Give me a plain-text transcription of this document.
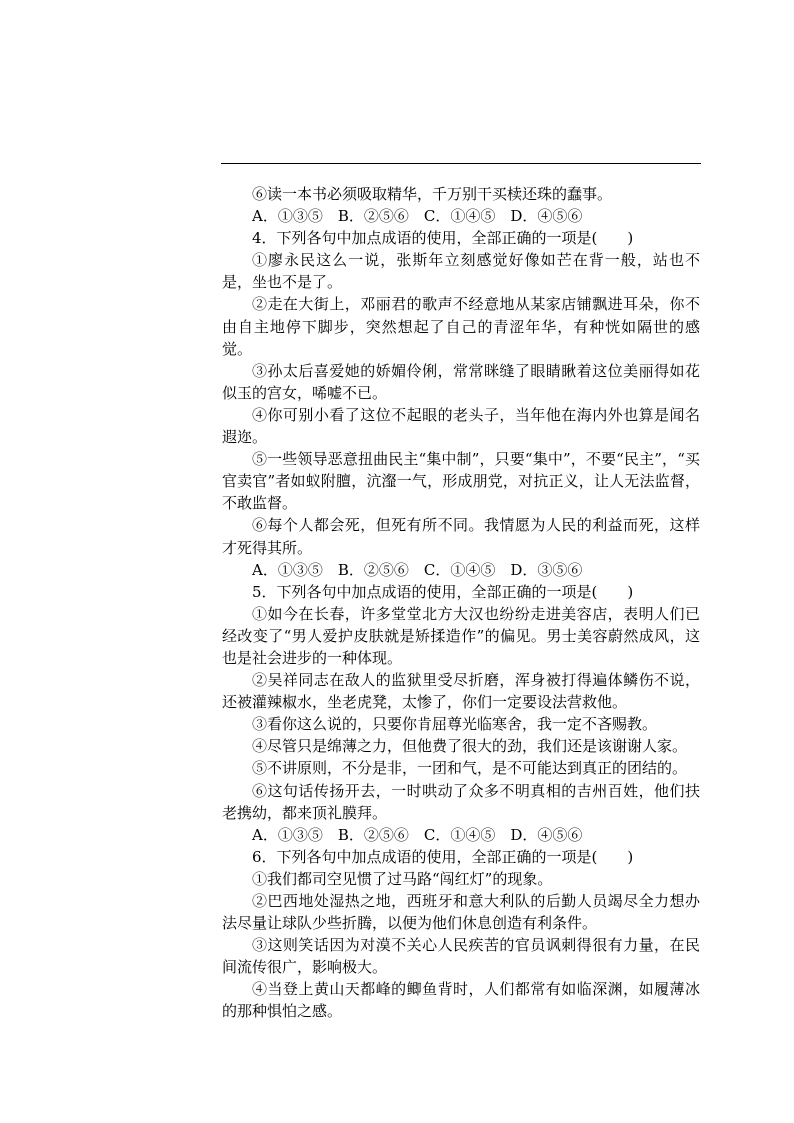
⑥读一本书必须吸取精华，千万别干买椟还珠的蠢事。

A．①③⑤　B．②⑤⑥　C．①④⑤　D．④⑤⑥

4．下列各句中加点成语的使用，全部正确的一项是(　　)

①廖永民这么一说，张斯年立刻感觉好像如芒在背一般，站也不是，坐也不是了。

②走在大街上，邓丽君的歌声不经意地从某家店铺飘进耳朵，你不由自主地停下脚步，突然想起了自己的青涩年华，有种恍如隔世的感觉。

③孙太后喜爱她的娇媚伶俐，常常眯缝了眼睛瞅着这位美丽得如花似玉的宫女，唏嘘不已。

④你可别小看了这位不起眼的老头子，当年他在海内外也算是闻名遐迩。

⑤一些领导恶意扭曲民主“集中制”，只要“集中”，不要“民主”，“买官卖官”者如蚁附膻，沆瀣一气，形成朋党，对抗正义，让人无法监督，不敢监督。

⑥每个人都会死，但死有所不同。我情愿为人民的利益而死，这样才死得其所。

A．①③⑤　B．②⑤⑥　C．①④⑤　D．③⑤⑥

5．下列各句中加点成语的使用，全部正确的一项是(　　)

①如今在长春，许多堂堂北方大汉也纷纷走进美容店，表明人们已经改变了“男人爱护皮肤就是矫揉造作”的偏见。男士美容蔚然成风，这也是社会进步的一种体现。

②吴祥同志在敌人的监狱里受尽折磨，浑身被打得遍体鳞伤不说，还被灌辣椒水，坐老虎凳，太惨了，你们一定要设法营救他。

③看你这么说的，只要你肯屈尊光临寒舍，我一定不吝赐教。

④尽管只是绵薄之力，但他费了很大的劲，我们还是该谢谢人家。

⑤不讲原则，不分是非，一团和气，是不可能达到真正的团结的。

⑥这句话传扬开去，一时哄动了众多不明真相的吉州百姓，他们扶老携幼，都来顶礼膜拜。

A．①③⑤　B．②⑤⑥　C．①④⑤　D．④⑤⑥

6．下列各句中加点成语的使用，全部正确的一项是(　　)

①我们都司空见惯了过马路“闯红灯”的现象。

②巴西地处湿热之地，西班牙和意大利队的后勤人员竭尽全力想办法尽量让球队少些折腾，以便为他们休息创造有利条件。

③这则笑话因为对漠不关心人民疾苦的官员讽刺得很有力量，在民间流传很广，影响极大。

④当登上黄山天都峰的鲫鱼背时，人们都常有如临深渊，如履薄冰的那种惧怕之感。
